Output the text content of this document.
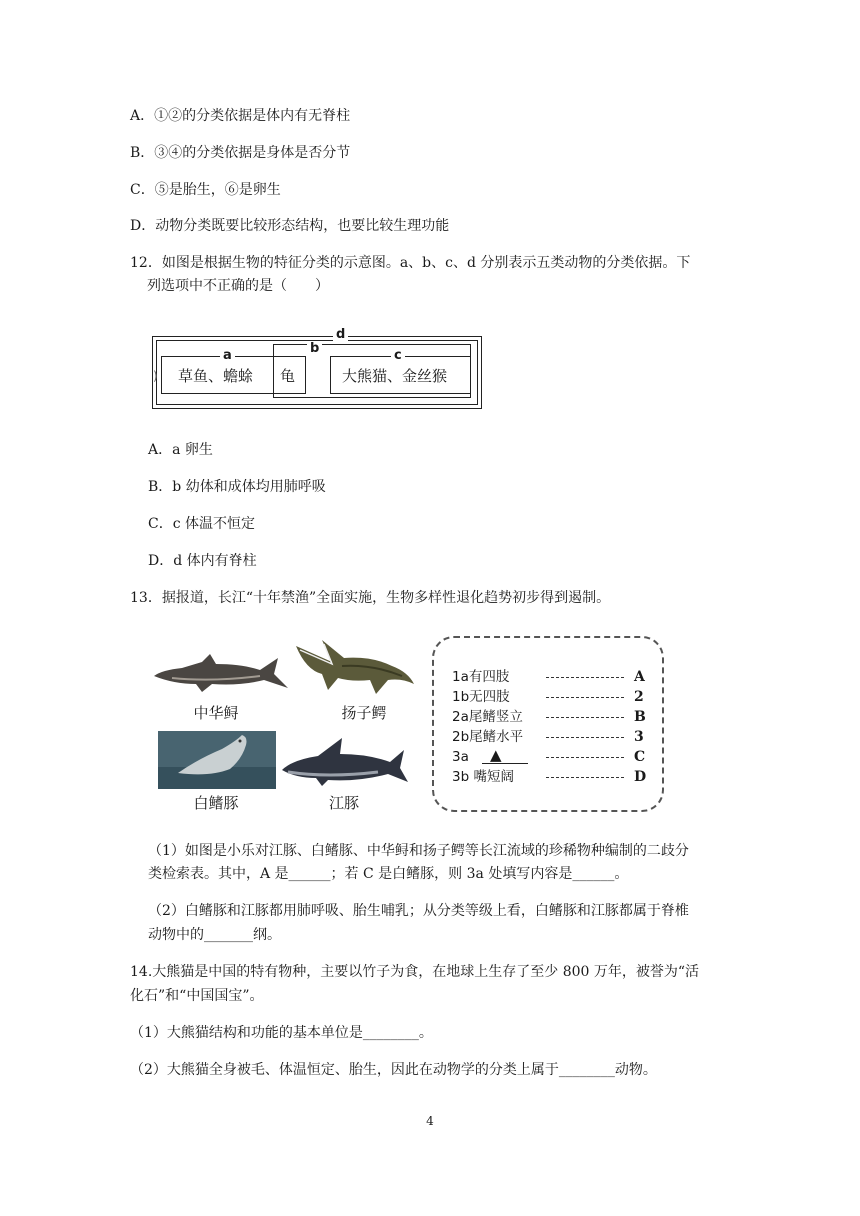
A．①②的分类依据是体内有无脊柱
B．③④的分类依据是身体是否分节
C．⑤是胎生，⑥是卵生
D．动物分类既要比较形态结构，也要比较生理功能
12．如图是根据生物的特征分类的示意图。a、b、c、d 分别表示五类动物的分类依据。下
列选项中不正确的是（　　）
d
b
a	c
) 草鱼、蟾蜍 龟	大熊猫、金丝猴
A．a 卵生
B．b 幼体和成体均用肺呼吸
C．c 体温不恒定
D．d 体内有脊柱
13．据报道，长江“十年禁渔”全面实施，生物多样性退化趋势初步得到遏制。
中华鲟	扬子鳄
白鳍豚	江豚
1a有四肢	A
1b无四肢	2
2a尾鳍竖立	B
2b尾鳍水平	3
3a ▲	C
3b 嘴短阔	D
（1）如图是小乐对江豚、白鳍豚、中华鲟和扬子鳄等长江流域的珍稀物种编制的二歧分
类检索表。其中，A 是______；若 C 是白鳍豚，则 3a 处填写内容是______。
（2）白鳍豚和江豚都用肺呼吸、胎生哺乳；从分类等级上看，白鳍豚和江豚都属于脊椎
动物中的_______纲。
14.大熊猫是中国的特有物种，主要以竹子为食，在地球上生存了至少 800 万年，被誉为“活
化石”和“中国国宝”。
（1）大熊猫结构和功能的基本单位是________。
（2）大熊猫全身被毛、体温恒定、胎生，因此在动物学的分类上属于________动物。
4
